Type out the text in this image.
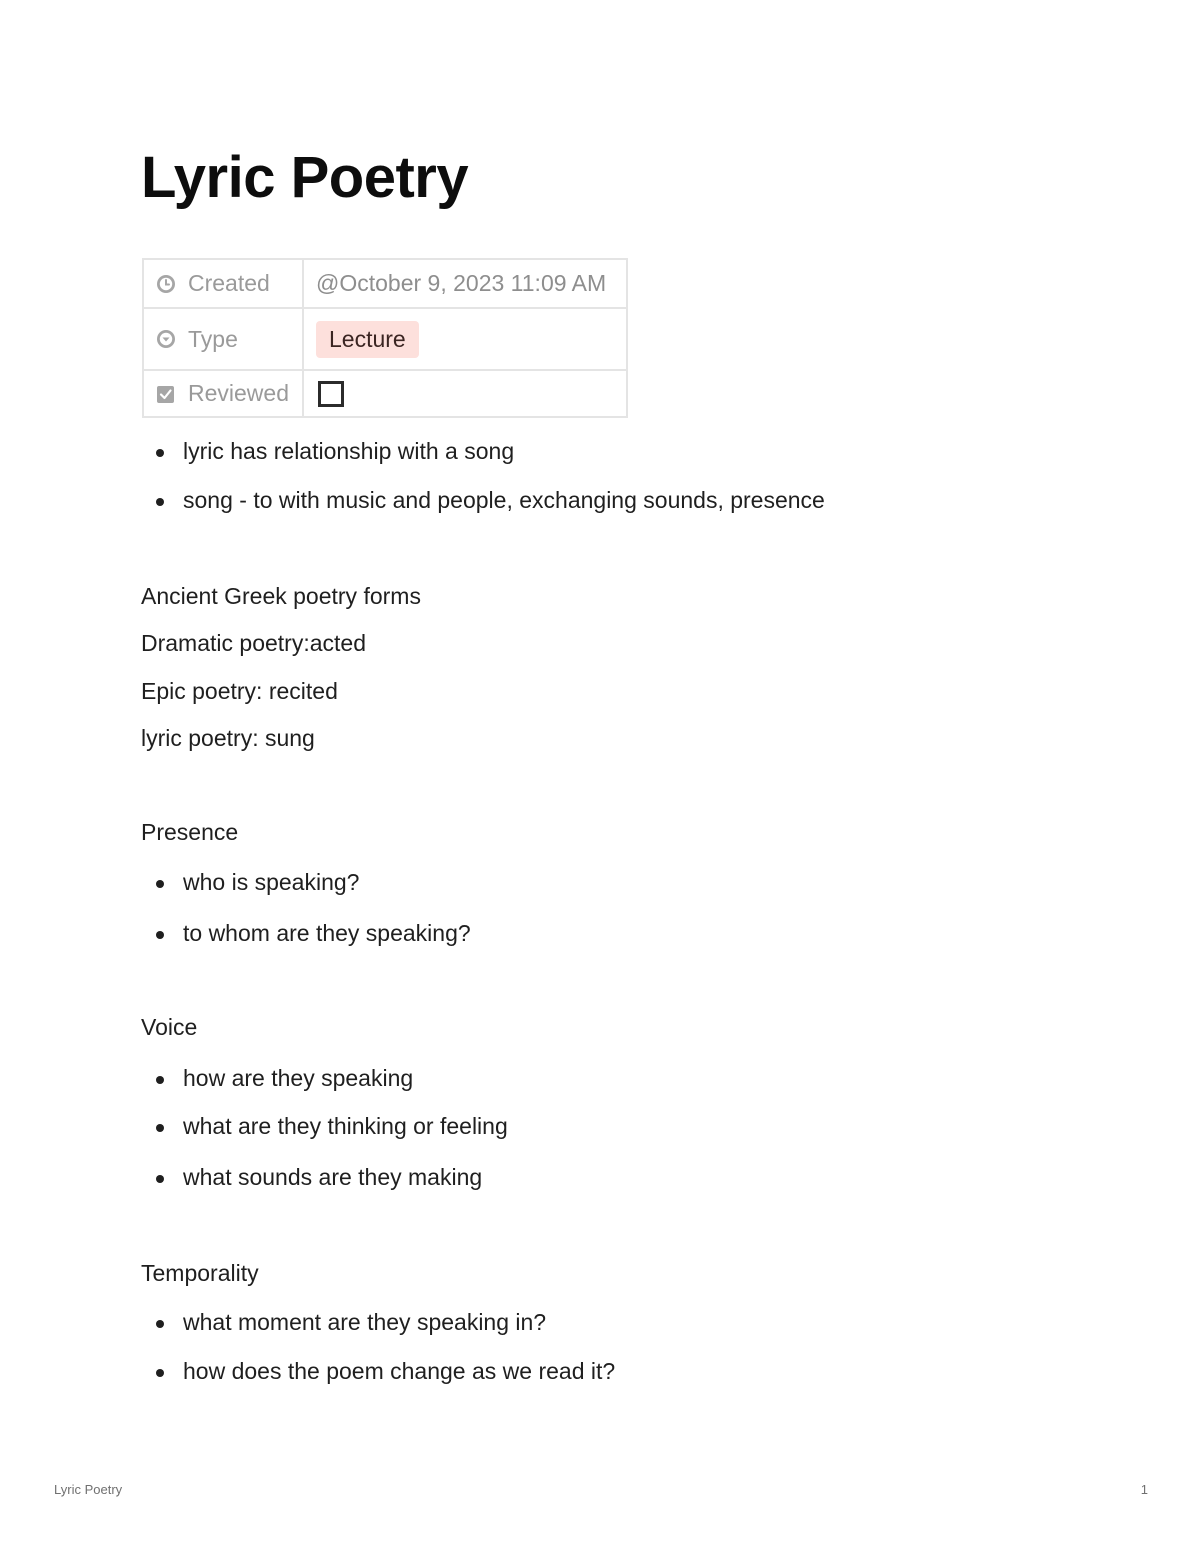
Lyric Poetry
Created	@October 9, 2023 11:09 AM

Type	Lecture

Reviewed	

lyric has relationship with a song
song - to with music and people, exchanging sounds, presence

Ancient Greek poetry forms

Dramatic poetry:acted

Epic poetry: recited

lyric poetry: sung

Presence

who is speaking?
to whom are they speaking?

Voice

how are they speaking
what are they thinking or feeling
what sounds are they making

Temporality

what moment are they speaking in?
how does the poem change as we read it?
Lyric Poetry	1
